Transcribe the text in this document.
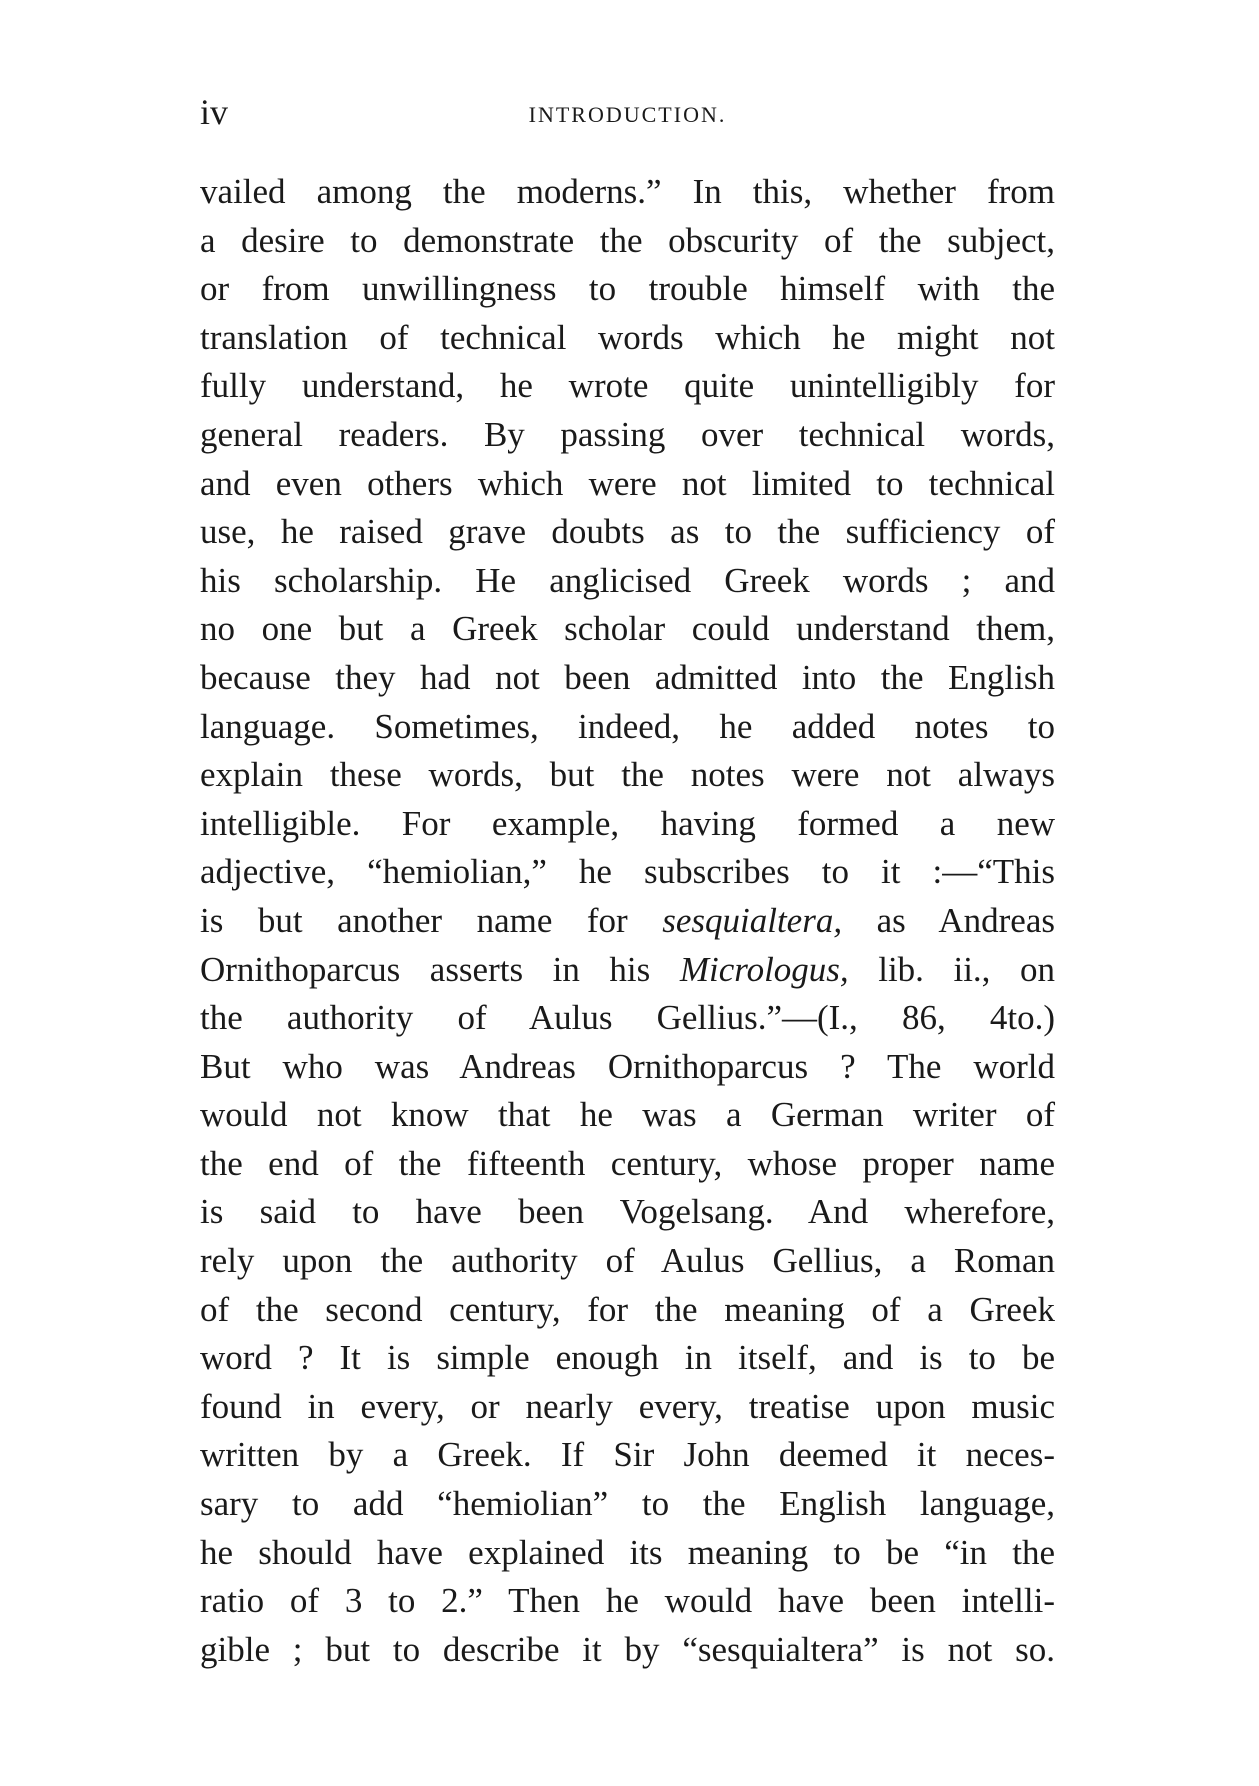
iv	INTRODUCTION.
vailed among the moderns.” In this, whether from
a desire to demonstrate the obscurity of the subject,
or from unwillingness to trouble himself with the
translation of technical words which he might not
fully understand, he wrote quite unintelligibly for
general readers. By passing over technical words,
and even others which were not limited to technical
use, he raised grave doubts as to the sufficiency of
his scholarship. He anglicised Greek words ; and
no one but a Greek scholar could understand them,
because they had not been admitted into the English
language. Sometimes, indeed, he added notes to
explain these words, but the notes were not always
intelligible. For example, having formed a new
adjective, “hemiolian,” he subscribes to it :—“This
is but another name for sesquialtera, as Andreas
Ornithoparcus asserts in his Micrologus, lib. ii., on
the authority of Aulus Gellius.”—(I., 86, 4to.)
But who was Andreas Ornithoparcus ? The world
would not know that he was a German writer of
the end of the fifteenth century, whose proper name
is said to have been Vogelsang. And wherefore,
rely upon the authority of Aulus Gellius, a Roman
of the second century, for the meaning of a Greek
word ? It is simple enough in itself, and is to be
found in every, or nearly every, treatise upon music
written by a Greek. If Sir John deemed it neces-
sary to add “hemiolian” to the English language,
he should have explained its meaning to be “in the
ratio of 3 to 2.” Then he would have been intelli-
gible ; but to describe it by “sesquialtera” is not so.
